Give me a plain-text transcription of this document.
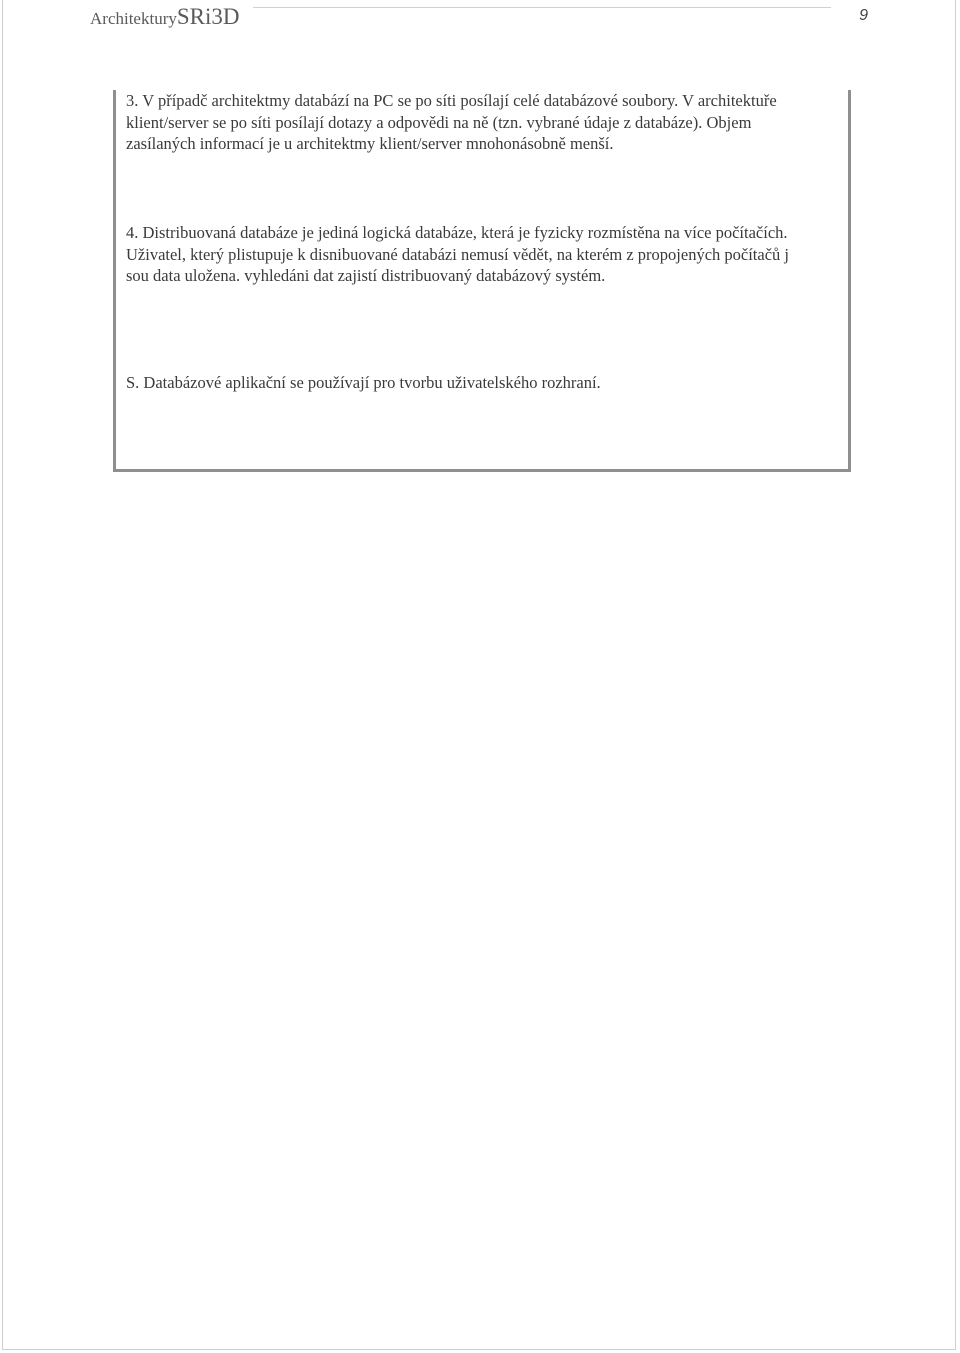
ArchitekturySRi3D	9

3. V případč architektmy databází na PC se po síti posílají celé databázové soubory. V architektuře klient/server se po síti posílají dotazy a odpovědi na ně (tzn. vybrané údaje z databáze). Objem zasílaných informací je u architektmy klient/server mnohonásobně menší.

4. Distribuovaná databáze je jediná logická databáze, která je fyzicky rozmístěna na více počítačích. Uživatel, který plistupuje k disnibuované databázi nemusí vědět, na kterém z propojených počítačů j sou data uložena. vyhledáni dat zajistí distribuovaný databázový systém.

S. Databázové aplikační se používají pro tvorbu uživatelského rozhraní.
